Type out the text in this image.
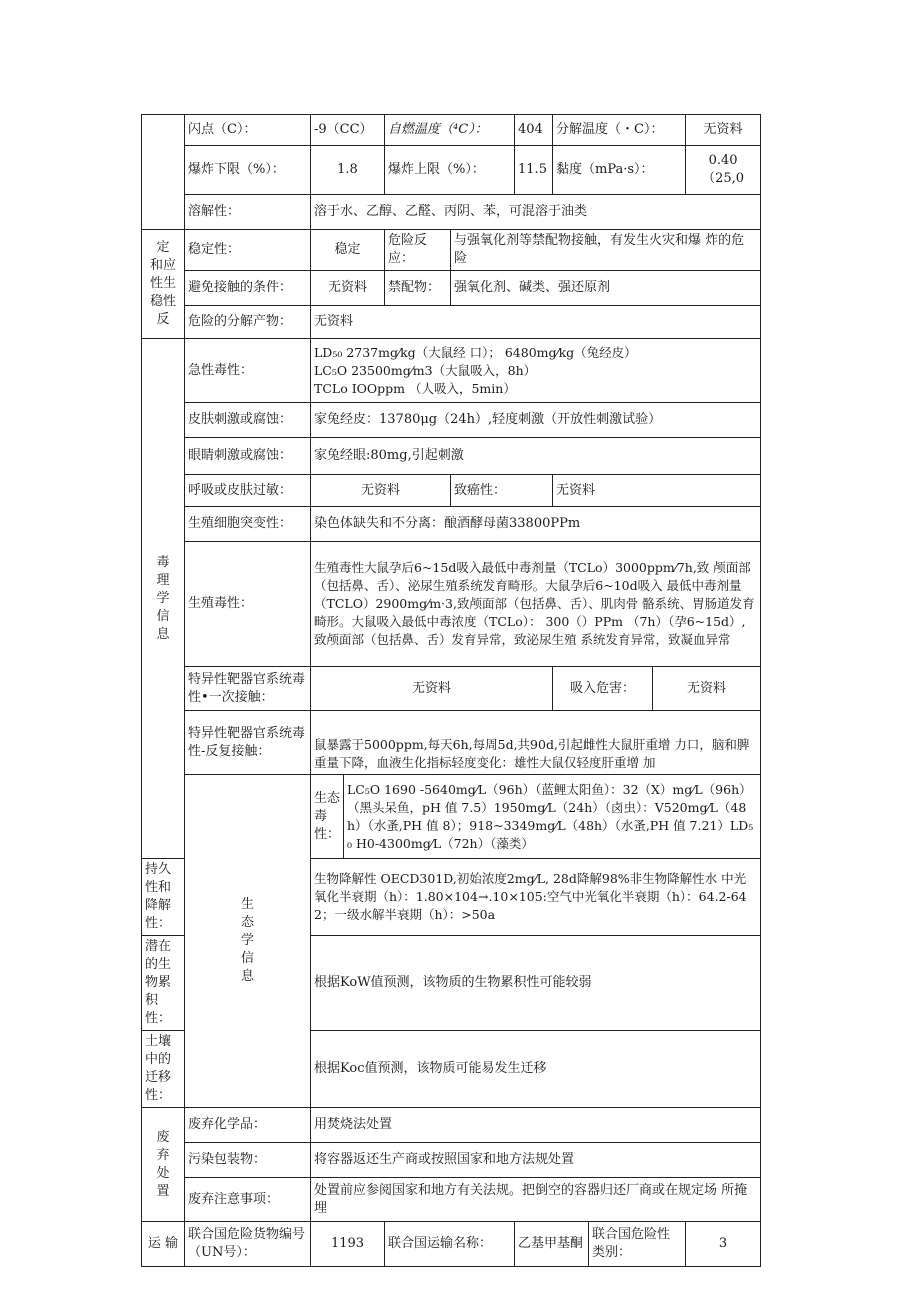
	闪点（C）：	-9（CC）		自燃温度（⁴C）：		404	分解温度（・C）：			无资料
	爆炸下限（%）：	1.8		爆炸上限（%）：		11.5	黏度（mPa·s）：			0.40
（25,0
	溶解性：	溶于水、乙醇、乙醛、丙阴、苯，可混溶于油类								
定
和应
性生
稳性
反	稳定性：	稳定		危险反应：	与强氧化剂等禁配物接触，有发生火灾和爆 炸的危险					
	避免接触的条件：	无资料		禁配物：	强氧化剂、碱类、强还原剂					
	危险的分解产物：	无资料								
毒
理
学
信
息	急性毒性：	LD₅₀ 2737mg⁄kg（大鼠经 口）； 6480mg⁄kg（兔经皮）
LC₅O 23500mg⁄m3（大鼠吸入，8h）
TCLo IOOppm （人吸入，5min）								
	皮肤刺激或腐蚀：	家兔经皮：13780μg（24h）,轻度刺激（开放性刺激试验）								
	眼睛刺激或腐蚀：	家兔经眼:80mg,引起刺激								
	呼吸或皮肤过敏：	无资料			致癌性：		无资料			
	生殖细胞突变性：	染色体缺失和不分离：酿酒酵母菌33800PPm								
	生殖毒性：	生殖毒性大鼠孕后6~15d吸入最低中毒剂量（TCLo）3000ppm⁄7h,致 颅面部（包括鼻、舌）、泌尿生殖系统发育畸形。大鼠孕后6~10d吸入 最低中毒剂量（TCLO）2900mg⁄m·3,致颅面部（包括鼻、舌）、肌肉骨 骼系统、胃肠道发育畸形。大鼠吸入最低中毒浓度（TCLo）： 300（）PPm （7h）（孕6~15d）,致颅面部（包括鼻、舌）发育异常，致泌尿生殖 系统发育异常，致凝血异常								
	特异性靶器官系统毒性•一次接触：	无资料					吸入危害：		无资料	
	特异性靶器官系统毒性-反复接触：	鼠暴露于5000ppm,每天6h,每周5d,共90d,引起雌性大鼠肝重增 力口，脑和脾重量下降，血液生化指标轻度变化：雄性大鼠仅轻度肝重增 加								
	生
态
学
信
息	生态毒性：	LC₅O 1690 -5640mg⁄L（96h）（蓝鲤太阳鱼）：32（X）mg⁄L（96h）（黑头呆鱼，pH 值 7.5）1950mg⁄L（24h）（卤虫）：V520mg⁄L（48h）（水蚤,PH 值 8）；918~3349mg⁄L（48h）（水蚤,PH 值 7.21）LD₅₀ H0-4300mg⁄L（72h）（藻类）							
持久性和降解性：		生物降解性 OECD301D,初始浓度2mg⁄L, 28d降解98%非生物降解性水 中光氧化半衰期（h）：1.80×104→.10×105:空气中光氧化半衰期（h）：64.2-642；一级水解半衰期（h）：>50a								
潜在的生物累积性：		根据KoW值预测，该物质的生物累积性可能较弱								
土壤中的迁移性：		根据Koc值预测，该物质可能易发生迁移								
废
弃
处
置	废弃化学品：	用焚烧法处置								
	污染包装物：	将容器返还生产商或按照国家和地方法规处置								
	废弃注意事项：	处置前应参阅国家和地方有关法规。把倒空的容器归还厂商或在规定场 所掩埋								
运 输	联合国危险货物编号（UN号）：	1193		联合国运输名称：		乙基甲基酮		联合国危险性类别：		3
